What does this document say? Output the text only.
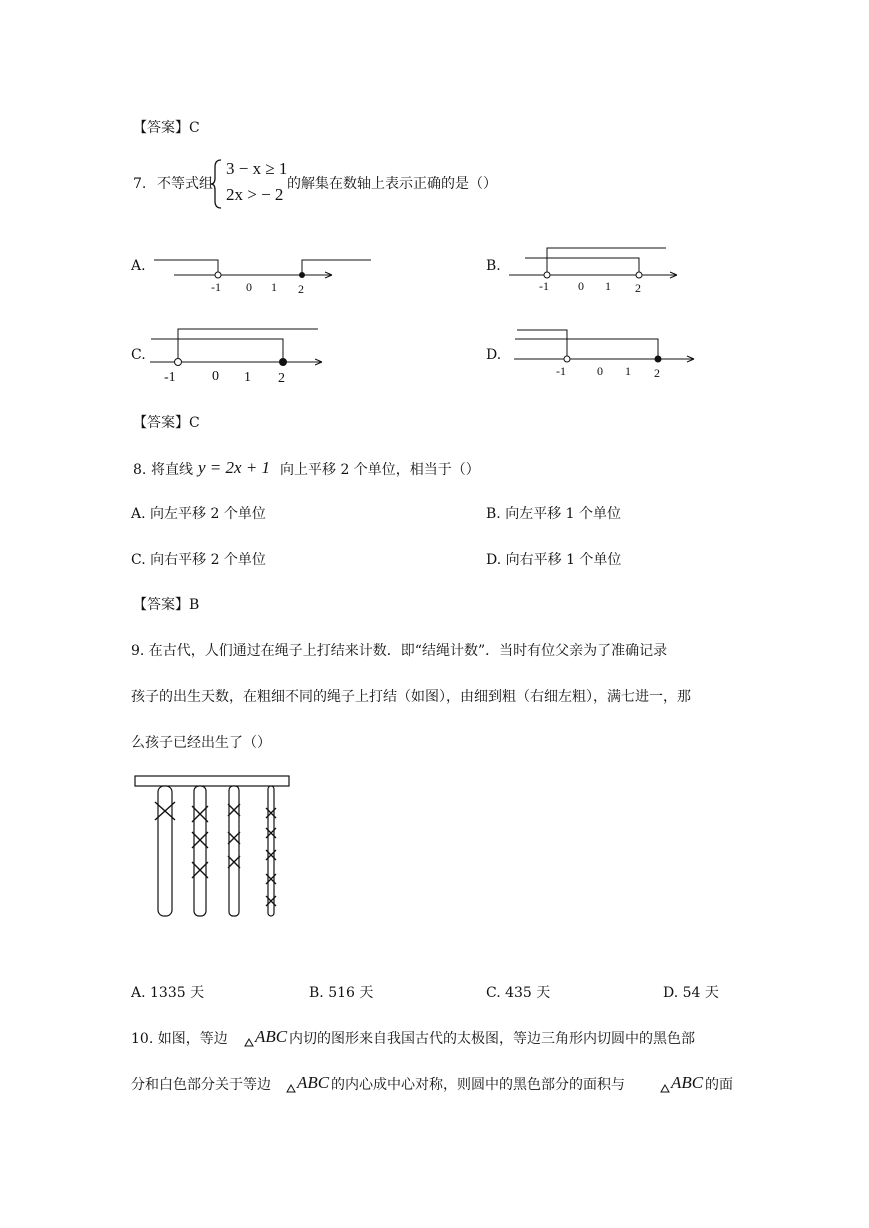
【答案】C
7. 不等式组
3 − x ≥ 1
2x > − 2
的解集在数轴上表示正确的是（）
A.
-1 0 1 2
B.
-1 0 1 2
C.
-1	0 1 2
D.
-1	0 1 2
【答案】C
8. 将直线 y = 2x + 1 向上平移 2 个单位，相当于（）
A. 向左平移 2 个单位	B. 向左平移 1 个单位
C. 向右平移 2 个单位	D. 向右平移 1 个单位
【答案】B
9. 在古代，人们通过在绳子上打结来计数．即“结绳计数”．当时有位父亲为了准确记录
孩子的出生天数，在粗细不同的绳子上打结（如图），由细到粗（右细左粗），满七进一，那
么孩子已经出生了（）
A. 1335 天	B. 516 天	C. 435 天	D. 54 天
10. 如图，等边 ABC 内切的图形来自我国古代的太极图，等边三角形内切圆中的黑色部
分和白色部分关于等边 ABC 的内心成中心对称，则圆中的黑色部分的面积与	ABC 的面
